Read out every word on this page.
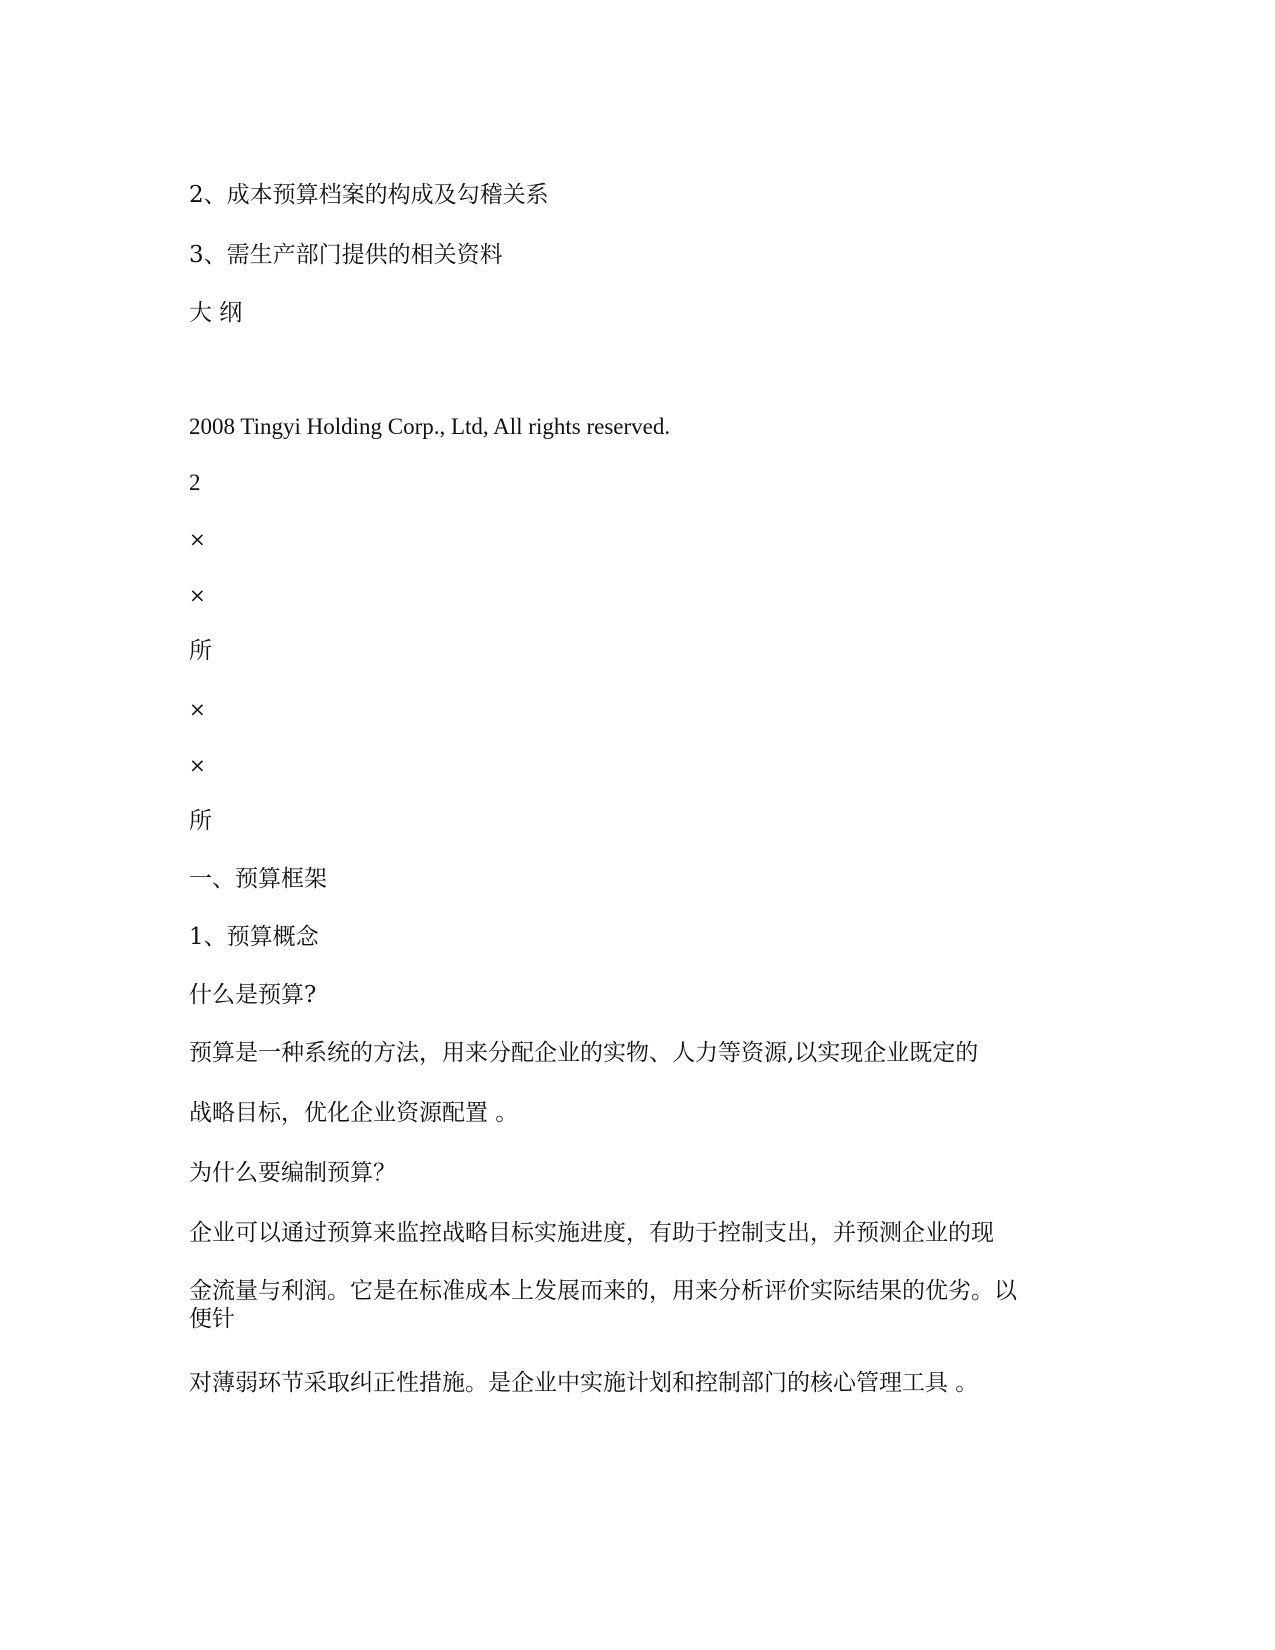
2、成本预算档案的构成及勾稽关系
3、需生产部门提供的相关资料
大 纲
2008 Tingyi Holding Corp., Ltd, All rights reserved.
2
×
×
所
×
×
所
一、预算框架
1、预算概念
什么是预算?
预算是一种系统的方法，用来分配企业的实物、人力等资源,以实现企业既定的
战略目标，优化企业资源配置 。
为什么要编制预算？
企业可以通过预算来监控战略目标实施进度，有助于控制支出，并预测企业的现
金流量与利润。它是在标准成本上发展而来的，用来分析评价实际结果的优劣。以
便针
对薄弱环节采取纠正性措施。是企业中实施计划和控制部门的核心管理工具 。
